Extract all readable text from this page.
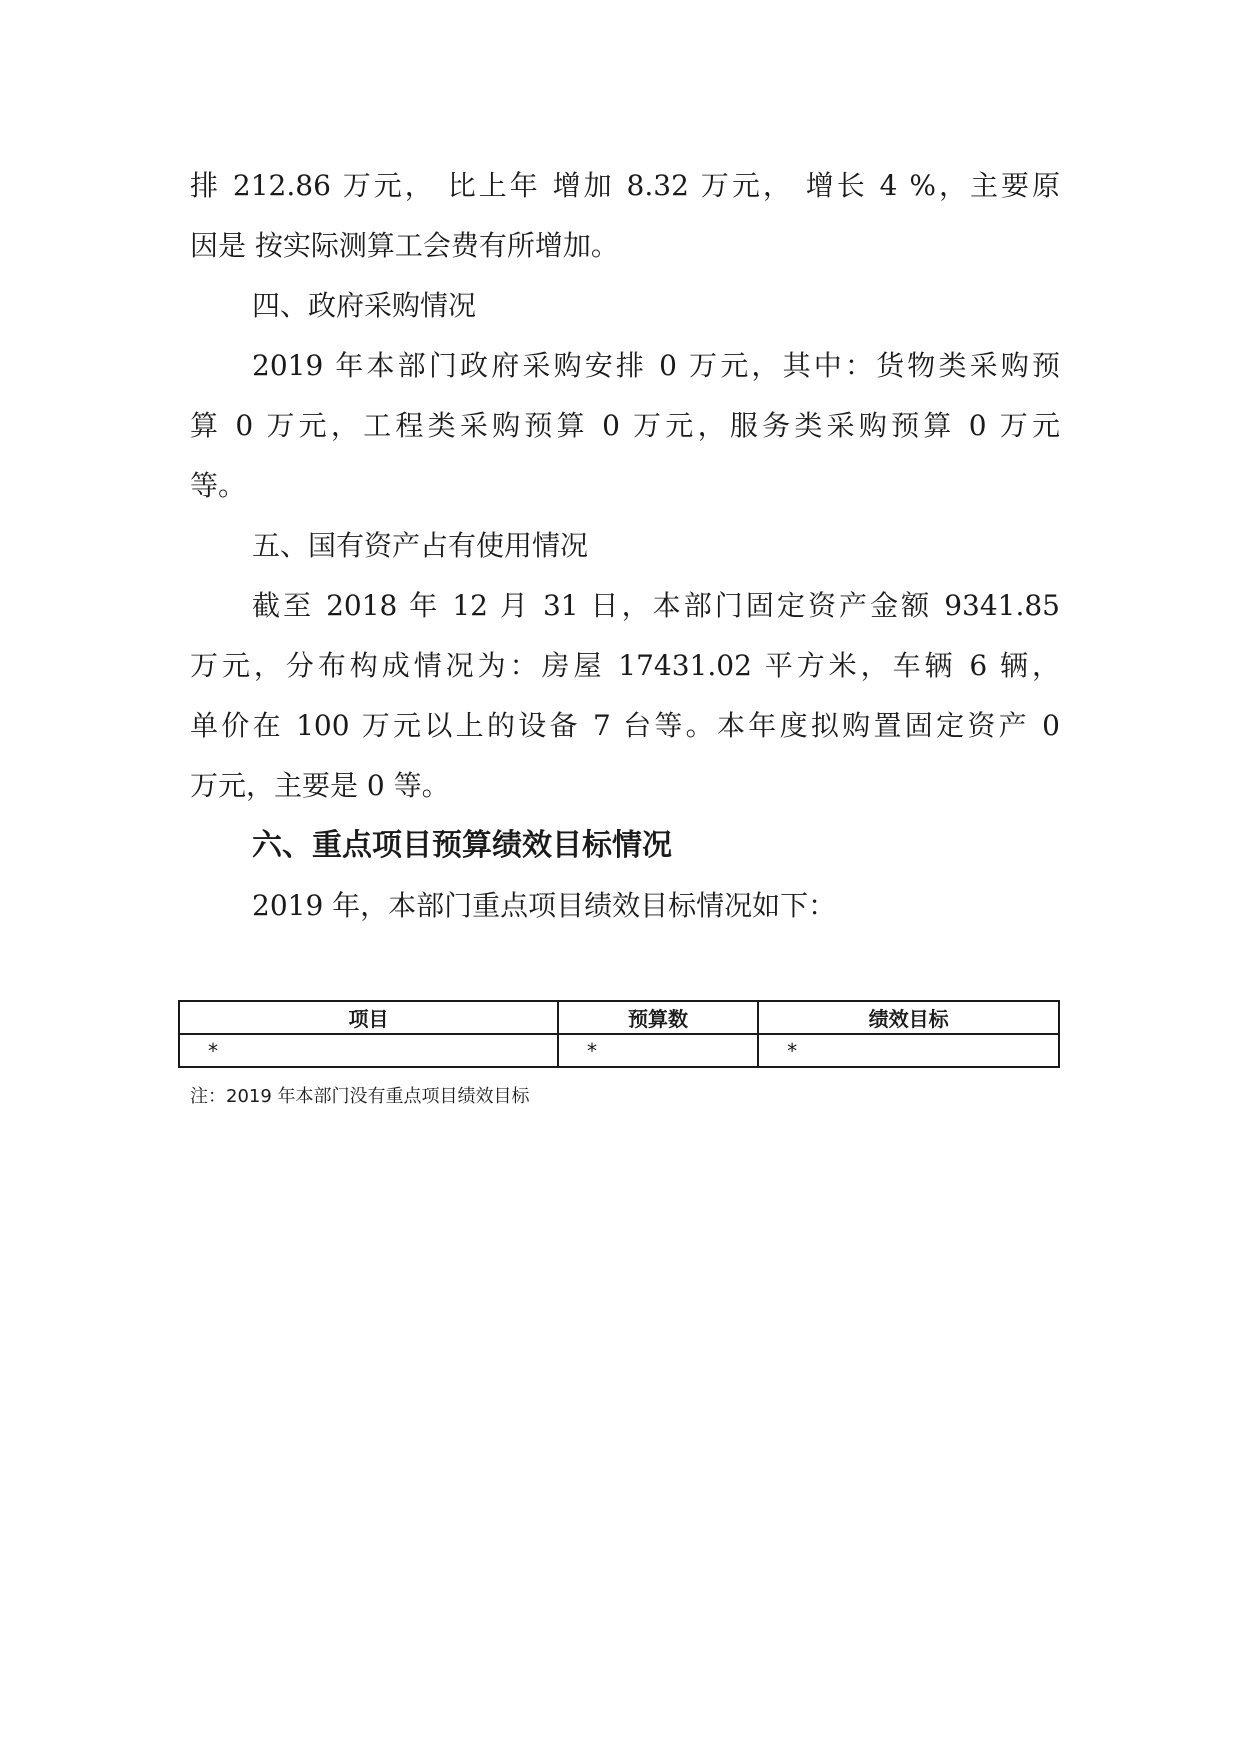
排 212.86 万元， 比上年 增加 8.32 万元， 增长 4 %，主要原
因是 按实际测算工会费有所增加。
四、政府采购情况
2019 年本部门政府采购安排 0 万元，其中：货物类采购预
算 0 万元，工程类采购预算 0 万元，服务类采购预算 0 万元
等。
五、国有资产占有使用情况
截至 2018 年 12 月 31 日，本部门固定资产金额 9341.85
万元，分布构成情况为：房屋 17431.02 平方米，车辆 6 辆，
单价在 100 万元以上的设备 7 台等。本年度拟购置固定资产 0
万元，主要是 0 等。
六、重点项目预算绩效目标情况
2019 年，本部门重点项目绩效目标情况如下：
项目	预算数	绩效目标
*	*	*
注：2019 年本部门没有重点项目绩效目标
